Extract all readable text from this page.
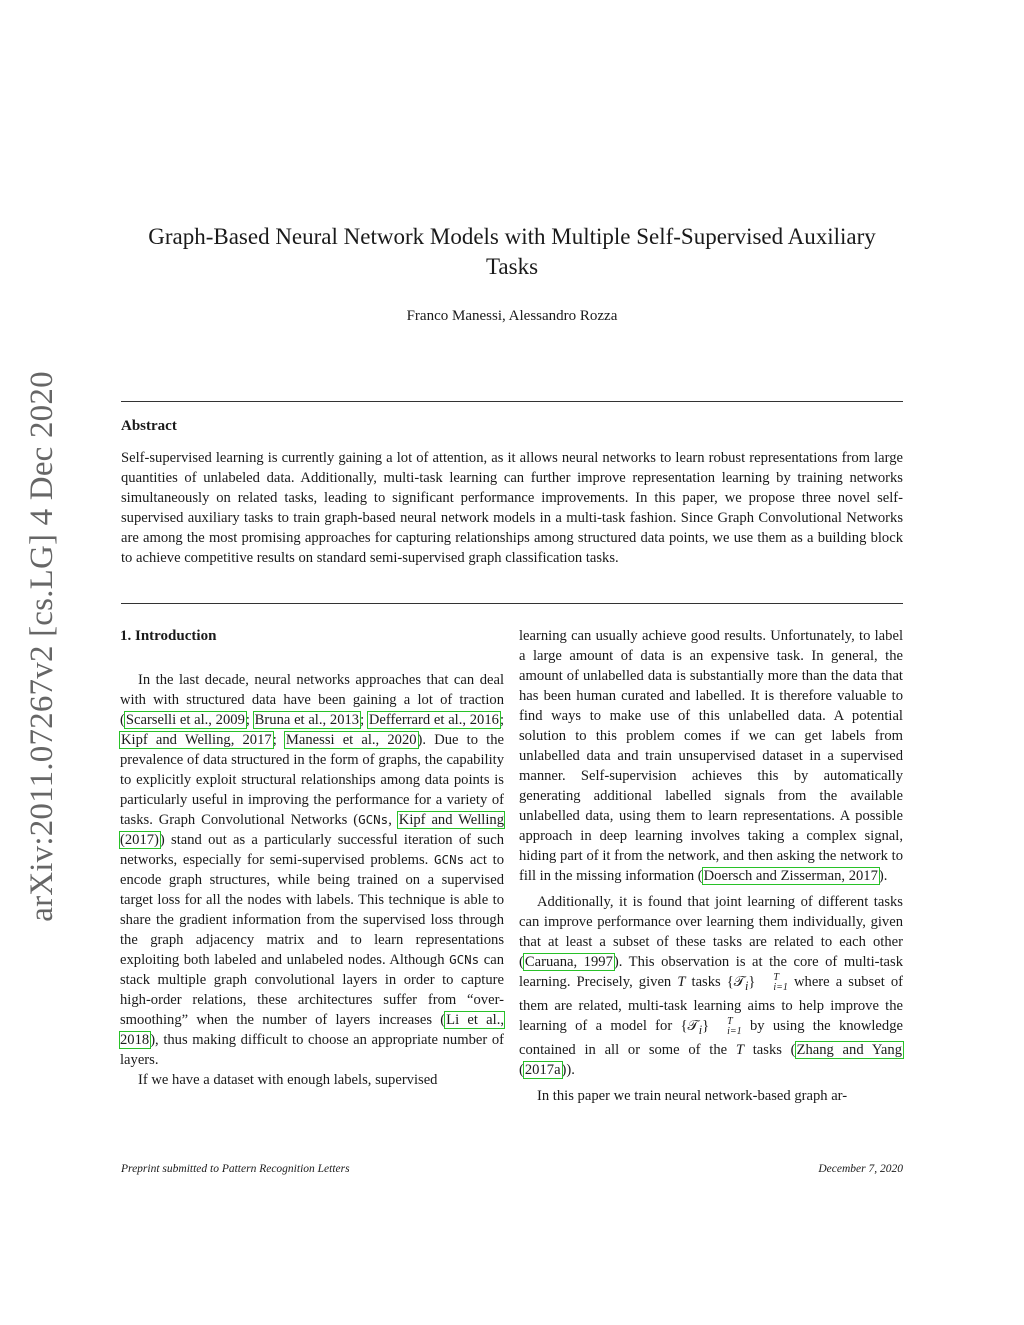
arXiv:2011.07267v2 [cs.LG] 4 Dec 2020
Graph-Based Neural Network Models with Multiple Self-Supervised Auxiliary Tasks
Franco Manessi, Alessandro Rozza
Abstract
Self-supervised learning is currently gaining a lot of attention, as it allows neural networks to learn robust representations from large quantities of unlabeled data. Additionally, multi-task learning can further improve representation learning by training networks simultaneously on related tasks, leading to significant performance improvements. In this paper, we propose three novel self-supervised auxiliary tasks to train graph-based neural network models in a multi-task fashion. Since Graph Convolutional Networks are among the most promising approaches for capturing relationships among structured data points, we use them as a building block to achieve competitive results on standard semi-supervised graph classification tasks.

1. Introduction

In the last decade, neural networks approaches that can deal with with structured data have been gaining a lot of traction (Scarselli et al., 2009; Bruna et al., 2013; Defferrard et al., 2016; Kipf and Welling, 2017; Manessi et al., 2020). Due to the prevalence of data structured in the form of graphs, the capability to explicitly exploit structural relationships among data points is particularly useful in improving the performance for a variety of tasks. Graph Convolutional Networks (GCNs, Kipf and Welling (2017)) stand out as a particularly successful iteration of such networks, especially for semi-supervised problems. GCNs act to encode graph structures, while being trained on a supervised target loss for all the nodes with labels. This technique is able to share the gradient information from the supervised loss through the graph adjacency matrix and to learn representations exploiting both labeled and unlabeled nodes. Although GCNs can stack multiple graph convolutional layers in order to capture high-order relations, these architectures suffer from “over-smoothing” when the number of layers increases (Li et al., 2018), thus making difficult to choose an appropriate number of layers.

If we have a dataset with enough labels, supervised

learning can usually achieve good results. Unfortunately, to label a large amount of data is an expensive task. In general, the amount of unlabelled data is substantially more than the data that has been human curated and labelled. It is therefore valuable to find ways to make use of this unlabelled data. A potential solution to this problem comes if we can get labels from unlabelled data and train unsupervised dataset in a supervised manner. Self-supervision achieves this by automatically generating additional labelled signals from the available unlabelled data, using them to learn representations. A possible approach in deep learning involves taking a complex signal, hiding part of it from the network, and then asking the network to fill in the missing information (Doersch and Zisserman, 2017).

Additionally, it is found that joint learning of different tasks can improve performance over learning them individually, given that at least a subset of these tasks are related to each other (Caruana, 1997). This observation is at the core of multi-task learning. Precisely, given T tasks {𝒯$_i$}	T
i=1 where a subset of them are related, multi-task learning aims to help improve the learning of a model for {𝒯$_i$}	T
i=1 by using the knowledge contained in all or some of the T tasks (Zhang and Yang (2017a)).

In this paper we train neural network-based graph ar-

Preprint submitted to Pattern Recognition Letters	December 7, 2020
